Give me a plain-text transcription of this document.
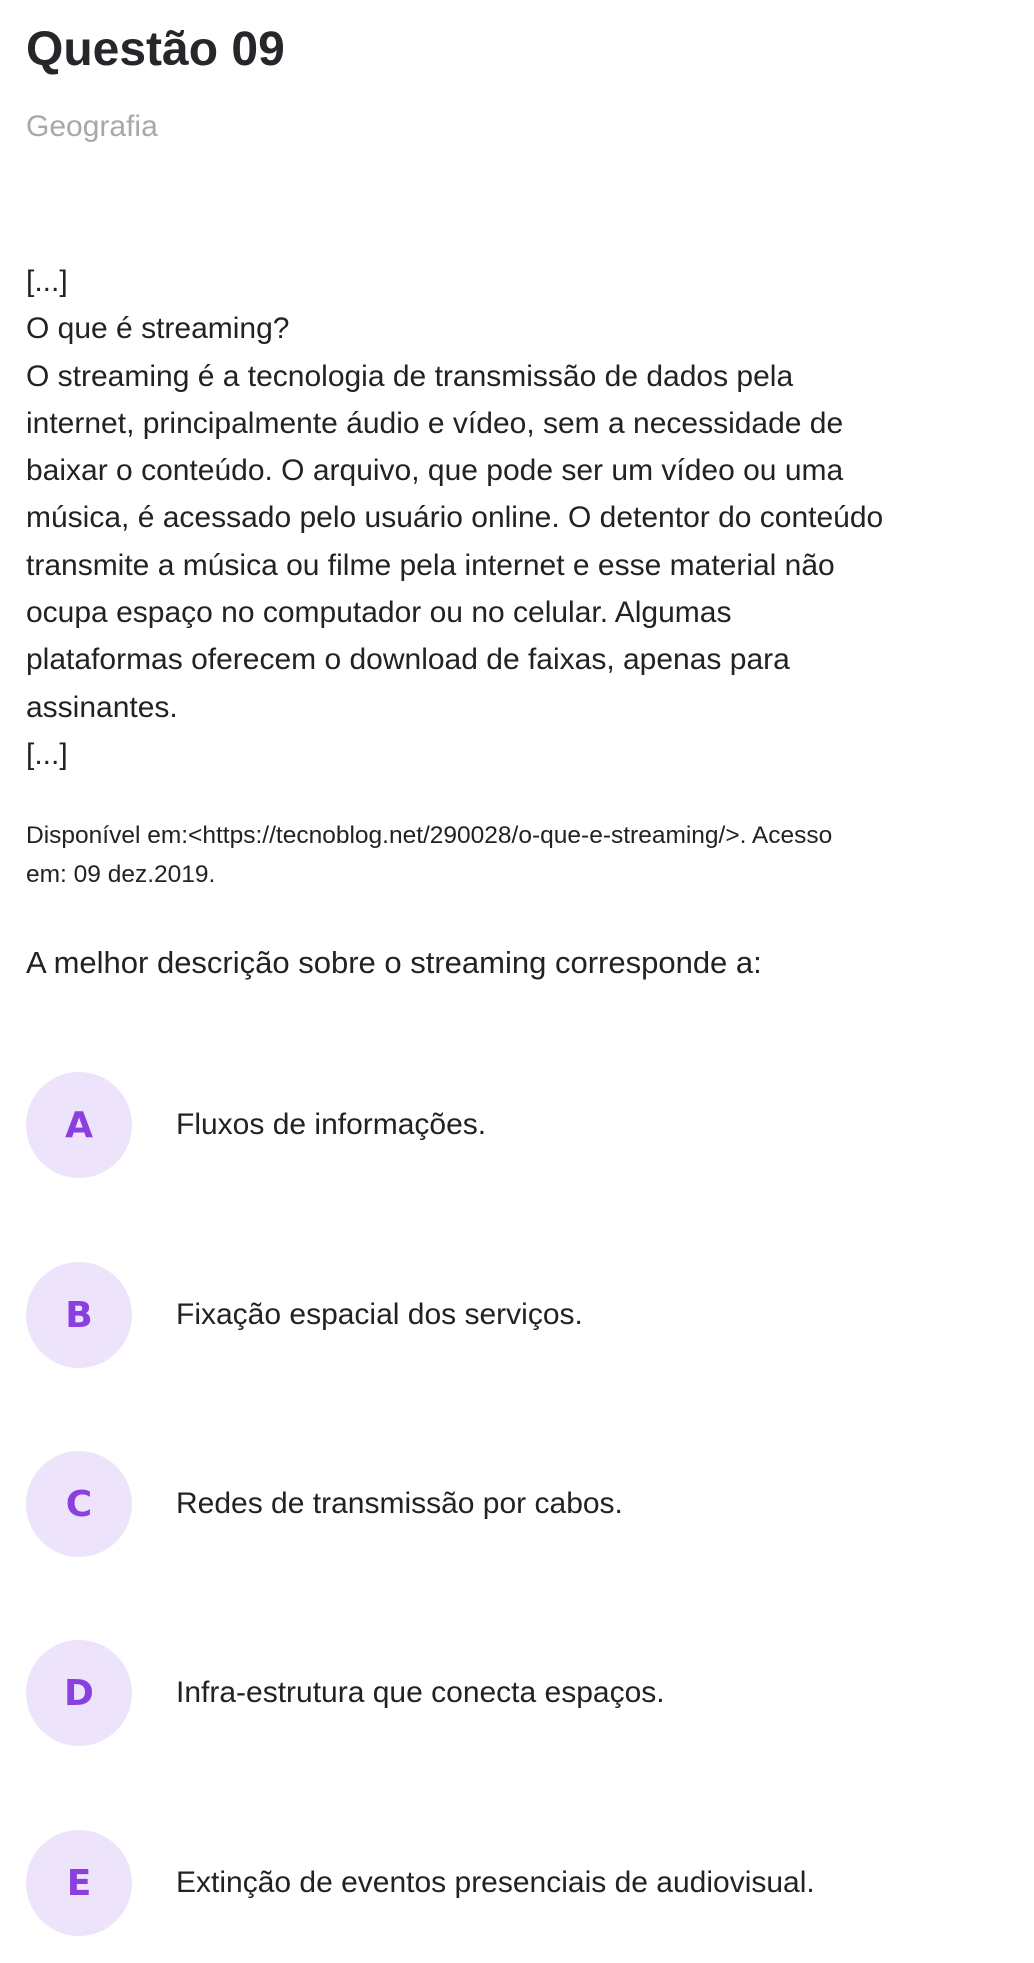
Questão 09
Geografia
[...]
O que é streaming?
O streaming é a tecnologia de transmissão de dados pela
internet, principalmente áudio e vídeo, sem a necessidade de
baixar o conteúdo. O arquivo, que pode ser um vídeo ou uma
música, é acessado pelo usuário online. O detentor do conteúdo
transmite a música ou filme pela internet e esse material não
ocupa espaço no computador ou no celular. Algumas
plataformas oferecem o download de faixas, apenas para
assinantes.
[...]
Disponível em:<https://tecnoblog.net/290028/o-que-e-streaming/>. Acesso
em: 09 dez.2019.
A melhor descrição sobre o streaming corresponde a:
A	Fluxos de informações.
B	Fixação espacial dos serviços.
C	Redes de transmissão por cabos.
D	Infra-estrutura que conecta espaços.
E	Extinção de eventos presenciais de audiovisual.
